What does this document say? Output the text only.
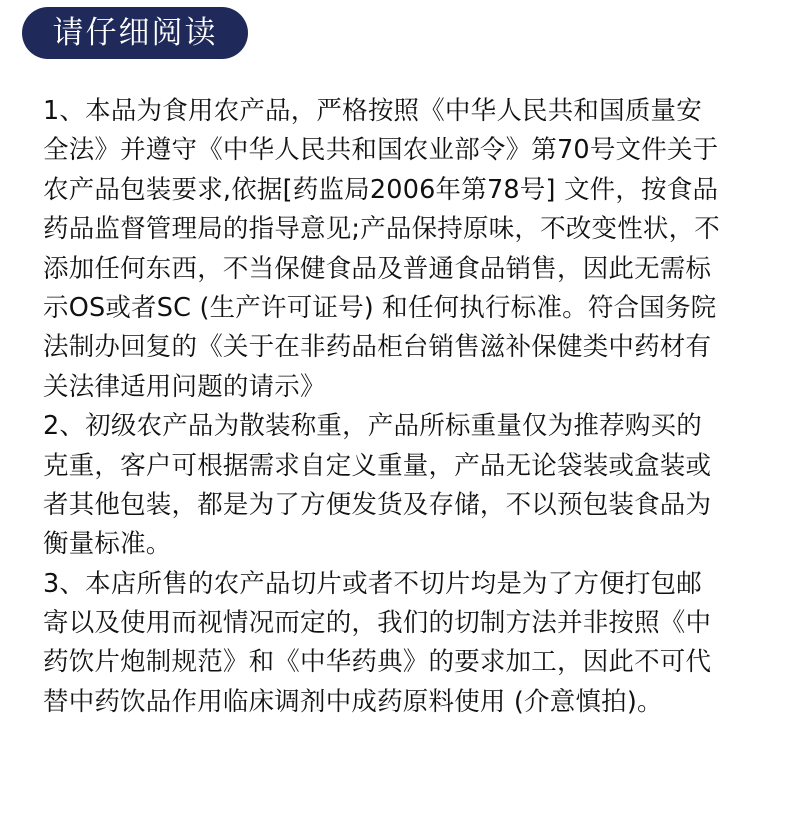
请仔细阅读
1、本品为食用农产品，严格按照《中华人民共和国质量安
全法》并遵守《中华人民共和国农业部令》第70号文件关于
农产品包装要求,依据[药监局2006年第78号] 文件，按食品
药品监督管理局的指导意见;产品保持原味，不改变性状，不
添加任何东西，不当保健食品及普通食品销售，因此无需标
示OS或者SC (生产许可证号) 和任何执行标准。符合国务院
法制办回复的《关于在非药品柜台销售滋补保健类中药材有
关法律适用问题的请示》
2、初级农产品为散装称重，产品所标重量仅为推荐购买的
克重，客户可根据需求自定义重量，产品无论袋装或盒装或
者其他包装，都是为了方便发货及存储，不以预包装食品为
衡量标准。
3、本店所售的农产品切片或者不切片均是为了方便打包邮
寄以及使用而视情况而定的，我们的切制方法并非按照《中
药饮片炮制规范》和《中华药典》的要求加工，因此不可代
替中药饮品作用临床调剂中成药原料使用 (介意慎拍)。
